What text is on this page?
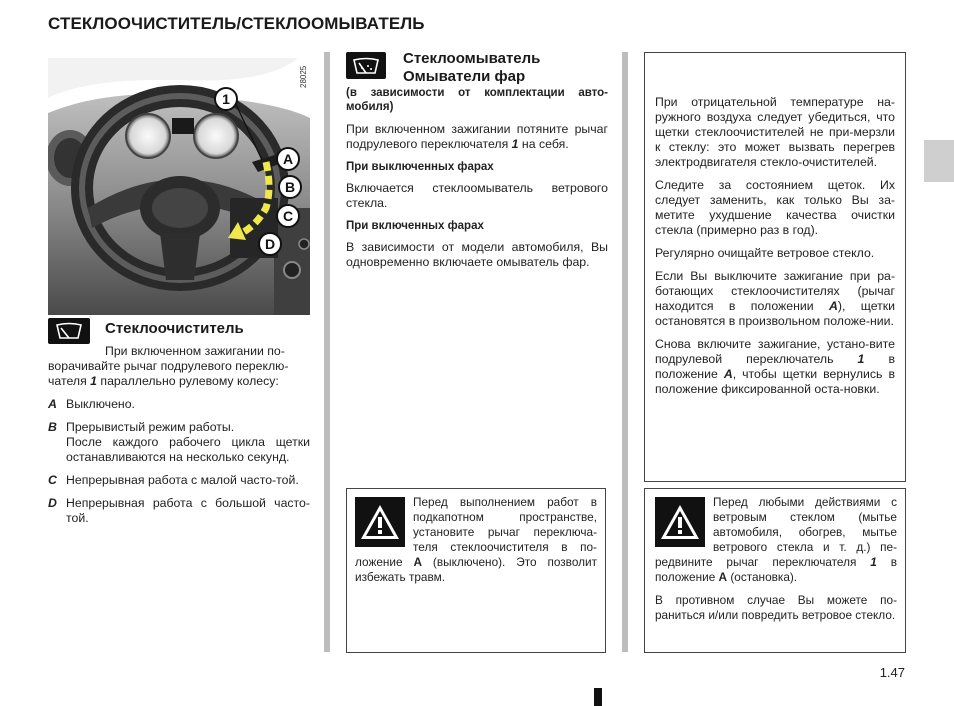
СТЕКЛООЧИСТИТЕЛЬ/СТЕКЛООМЫВАТЕЛЬ
1
A
B
C
D
28025
Стеклоочиститель

При включенном зажигании по-
ворачивайте рычаг подрулевого переклю-
чателя 1 параллельно рулевому колесу:

A Выключено.
B Прерывистый режим работы.
После каждого рабочего цикла щетки останавливаются на несколько секунд.
C Непрерывная работа с малой часто-той.
D Непрерывная работа с большой часто-той.
Стеклоомыватель
Омыватели фар

(в зависимости от комплектации авто-мобиля)

При включенном зажигании потяните рычаг подрулевого переключателя 1 на себя.

При выключенных фарах

Включается стеклоомыватель ветрового стекла.

При включенных фарах

В зависимости от модели автомобиля, Вы одновременно включаете омыватель фар.

Перед выполнением работ в подкапотном пространстве, установите рычаг переключа-теля стеклоочистителя в по-ложение А (выключено). Это позволит избежать травм.

При отрицательной температуре на-ружного воздуха следует убедиться, что щетки стеклоочистителей не при-мерзли к стеклу: это может вызвать перегрев электродвигателя стекло-очистителей.

Следите за состоянием щеток. Их следует заменить, как только Вы за-метите ухудшение качества очистки стекла (примерно раз в год).

Регулярно очищайте ветровое стекло.

Если Вы выключите зажигание при ра-ботающих стеклоочистителях (рычаг находится в положении A), щетки остановятся в произвольном положе-нии.

Снова включите зажигание, устано-вите подрулевой переключатель 1 в положение A, чтобы щетки вернулись в положение фиксированной оста-новки.

Перед любыми действиями с ветровым стеклом (мытье автомобиля, обогрев, мытье ветрового стекла и т. д.) пе-редвините рычаг переключателя 1 в положение А (остановка).

В противном случае Вы можете по-раниться и/или повредить ветровое стекло.

1.47
